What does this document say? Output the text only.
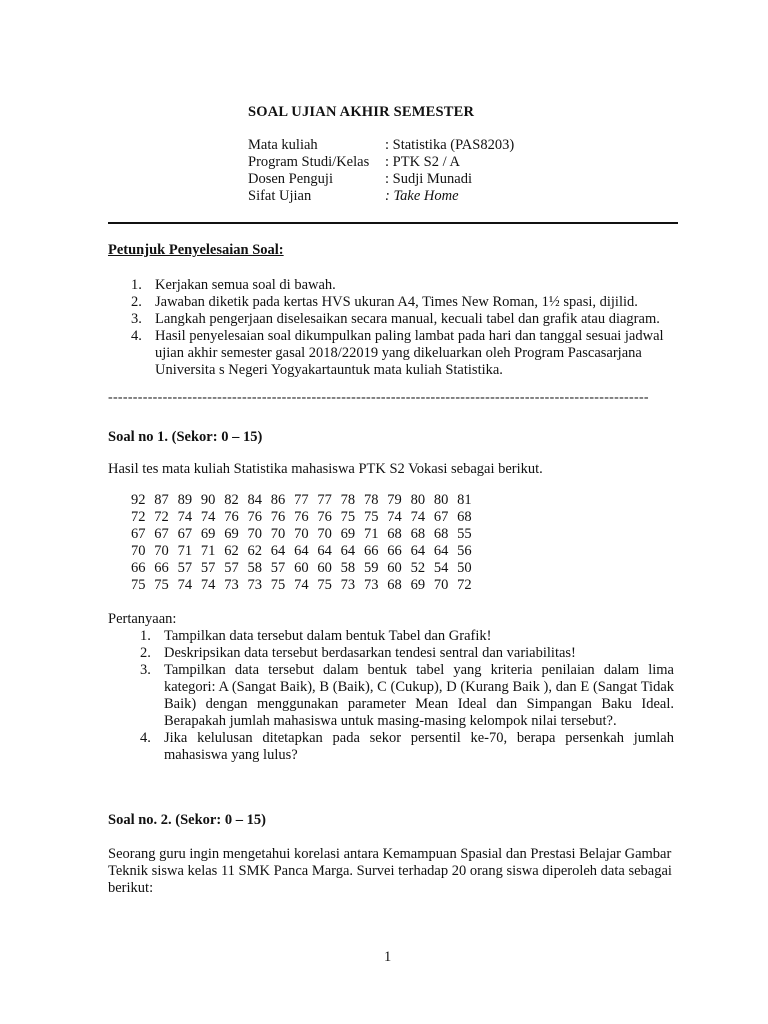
SOAL UJIAN AKHIR SEMESTER
Mata kuliah	: Statistika (PAS8203)
Program Studi/Kelas : PTK S2 / A
Dosen Penguji	: Sudji Munadi
Sifat Ujian	: Take Home
Petunjuk Penyelesaian Soal:
1. Kerjakan semua soal di bawah.
2. Jawaban diketik pada kertas HVS ukuran A4, Times New Roman, 1½ spasi, dijilid.
3. Langkah pengerjaan diselesaikan secara manual, kecuali tabel dan grafik atau diagram.
4. Hasil penyelesaian soal dikumpulkan paling lambat pada hari dan tanggal sesuai jadwal ujian akhir semester gasal 2018/22019 yang dikeluarkan oleh Program Pascasarjana Universita s Negeri Yogyakartauntuk mata kuliah Statistika.
-------------------------------------------------------------------------------------------------------------
Soal no 1. (Sekor: 0 – 15)
Hasil tes mata kuliah Statistika mahasiswa PTK S2 Vokasi sebagai berikut.
92	87	89	90	82	84	86	77	77	78	78	79	80	80	81
72	72	74	74	76	76	76	76	76	75	75	74	74	67	68
67	67	67	69	69	70	70	70	70	69	71	68	68	68	55
70	70	71	71	62	62	64	64	64	64	66	66	64	64	56
66	66	57	57	57	58	57	60	60	58	59	60	52	54	50
75	75	74	74	73	73	75	74	75	73	73	68	69	70	72
Pertanyaan:
1. Tampilkan data tersebut dalam bentuk Tabel dan Grafik!
2. Deskripsikan data tersebut berdasarkan tendesi sentral dan variabilitas!
3. Tampilkan data tersebut dalam bentuk tabel yang kriteria penilaian dalam lima kategori: A (Sangat Baik), B (Baik), C (Cukup), D (Kurang Baik ), dan E (Sangat Tidak Baik) dengan menggunakan parameter Mean Ideal dan Simpangan Baku Ideal. Berapakah jumlah mahasiswa untuk masing-masing kelompok nilai tersebut?.
4. Jika kelulusan ditetapkan pada sekor persentil ke-70, berapa persenkah jumlah mahasiswa yang lulus?
Soal no. 2. (Sekor: 0 – 15)
Seorang guru ingin mengetahui korelasi antara Kemampuan Spasial dan Prestasi Belajar Gambar Teknik siswa kelas 11 SMK Panca Marga. Survei terhadap 20 orang siswa diperoleh data sebagai berikut:
1
